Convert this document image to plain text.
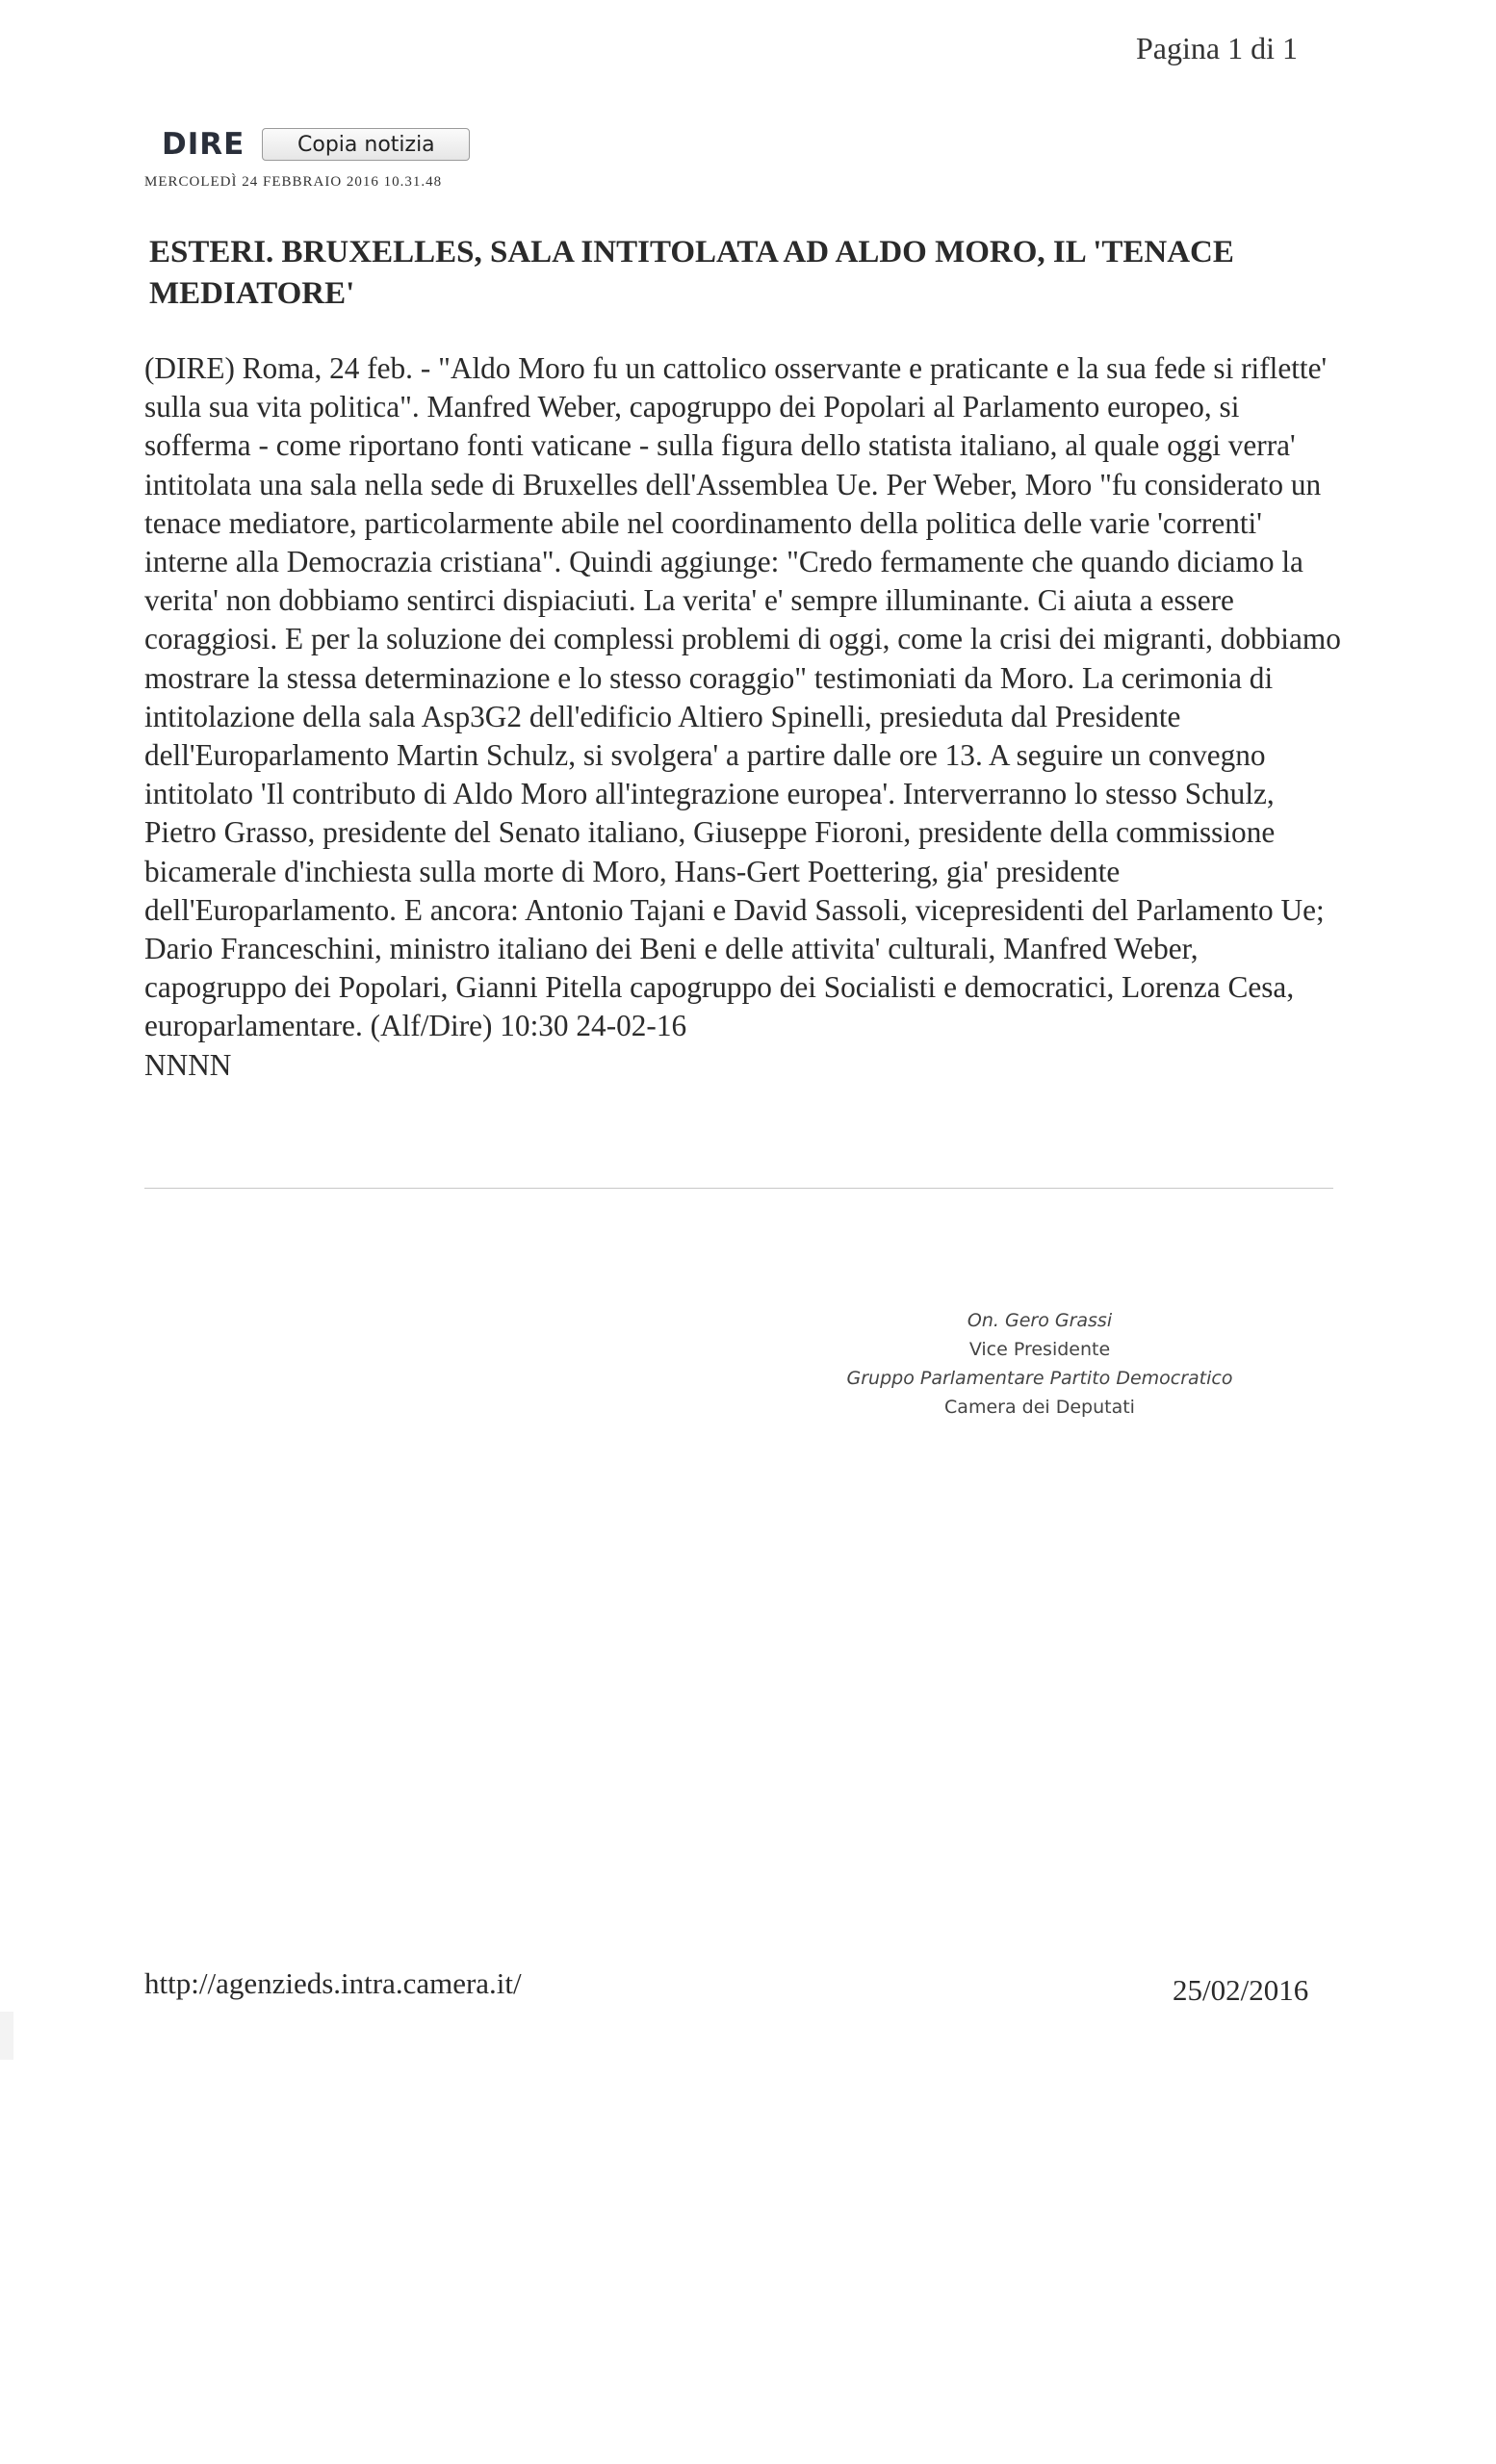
Pagina 1 di 1
DIRE	Copia notizia
MERCOLEDÌ 24 FEBBRAIO 2016 10.31.48
ESTERI. BRUXELLES, SALA INTITOLATA AD ALDO MORO, IL 'TENACE MEDIATORE'
(DIRE) Roma, 24 feb. - "Aldo Moro fu un cattolico osservante e praticante e la sua fede si riflette' sulla sua vita politica". Manfred Weber, capogruppo dei Popolari al Parlamento europeo, si sofferma - come riportano fonti vaticane - sulla figura dello statista italiano, al quale oggi verra' intitolata una sala nella sede di Bruxelles dell'Assemblea Ue. Per Weber, Moro "fu considerato un tenace mediatore, particolarmente abile nel coordinamento della politica delle varie 'correnti' interne alla Democrazia cristiana". Quindi aggiunge: "Credo fermamente che quando diciamo la verita' non dobbiamo sentirci dispiaciuti. La verita' e' sempre illuminante. Ci aiuta a essere coraggiosi. E per la soluzione dei complessi problemi di oggi, come la crisi dei migranti, dobbiamo mostrare la stessa determinazione e lo stesso coraggio" testimoniati da Moro. La cerimonia di intitolazione della sala Asp3G2 dell'edificio Altiero Spinelli, presieduta dal Presidente dell'Europarlamento Martin Schulz, si svolgera' a partire dalle ore 13. A seguire un convegno intitolato 'Il contributo di Aldo Moro all'integrazione europea'. Interverranno lo stesso Schulz, Pietro Grasso, presidente del Senato italiano, Giuseppe Fioroni, presidente della commissione bicamerale d'inchiesta sulla morte di Moro, Hans-Gert Poettering, gia' presidente dell'Europarlamento. E ancora: Antonio Tajani e David Sassoli, vicepresidenti del Parlamento Ue; Dario Franceschini, ministro italiano dei Beni e delle attivita' culturali, Manfred Weber, capogruppo dei Popolari, Gianni Pitella capogruppo dei Socialisti e democratici, Lorenza Cesa, europarlamentare. (Alf/Dire) 10:30 24-02-16
NNNN
On. Gero Grassi
Vice Presidente
Gruppo Parlamentare Partito Democratico
Camera dei Deputati
http://agenzieds.intra.camera.it/	25/02/2016
